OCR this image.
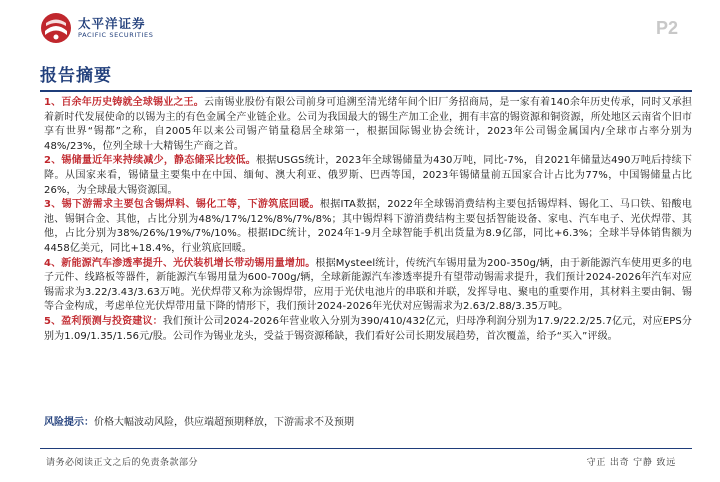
太平洋证券
PACIFIC SECURITIES	P2
报告摘要

1、百余年历史铸就全球锡业之王。云南锡业股份有限公司前身可追溯至清光绪年间个旧厂务招商局，是一家有着140余年历史传承，同时又承担着新时代发展使命的以锡为主的有色金属全产业链企业。公司为我国最大的锡生产加工企业，拥有丰富的锡资源和铜资源，所处地区云南省个旧市享有世界“锡都”之称，自2005年以来公司锡产销量稳居全球第一，根据国际锡业协会统计，2023年公司锡金属国内/全球市占率分别为48%/23%，位列全球十大精锡生产商之首。

2、锡储量近年来持续减少，静态储采比较低。根据USGS统计，2023年全球锡储量为430万吨，同比-7%，自2021年储量达490万吨后持续下降。从国家来看，锡储量主要集中在中国、缅甸、澳大利亚、俄罗斯、巴西等国，2023年锡储量前五国家合计占比为77%，中国锡储量占比26%，为全球最大锡资源国。

3、锡下游需求主要包含锡焊料、锡化工等，下游筑底回暖。根据ITA数据，2022年全球锡消费结构主要包括锡焊料、锡化工、马口铁、铅酸电池、锡铜合金、其他，占比分别为48%/17%/12%/8%/7%/8%；其中锡焊料下游消费结构主要包括智能设备、家电、汽车电子、光伏焊带、其他，占比分别为38%/26%/19%/7%/10%。根据IDC统计，2024年1-9月全球智能手机出货量为8.9亿部，同比+6.3%；全球半导体销售额为4458亿美元，同比+18.4%，行业筑底回暖。

4、新能源汽车渗透率提升、光伏装机增长带动锡用量增加。根据Mysteel统计，传统汽车锡用量为200-350g/辆，由于新能源汽车使用更多的电子元件、线路板等器件，新能源汽车锡用量为600-700g/辆，全球新能源汽车渗透率提升有望带动锡需求提升，我们预计2024-2026年汽车对应锡需求为3.22/3.43/3.63万吨。光伏焊带又称为涂锡焊带，应用于光伏电池片的串联和并联，发挥导电、聚电的重要作用，其材料主要由铜、锡等合金构成，考虑单位光伏焊带用量下降的情形下，我们预计2024-2026年光伏对应锡需求为2.63/2.88/3.35万吨。

5、盈利预测与投资建议：我们预计公司2024-2026年营业收入分别为390/410/432亿元，归母净利润分别为17.9/22.2/25.7亿元，对应EPS分别为1.09/1.35/1.56元/股。公司作为锡业龙头，受益于锡资源稀缺，我们看好公司长期发展趋势，首次覆盖，给予“买入”评级。

风险提示：价格大幅波动风险，供应端超预期释放，下游需求不及预期
请务必阅读正文之后的免责条款部分	守正 出奇 宁静 致远
